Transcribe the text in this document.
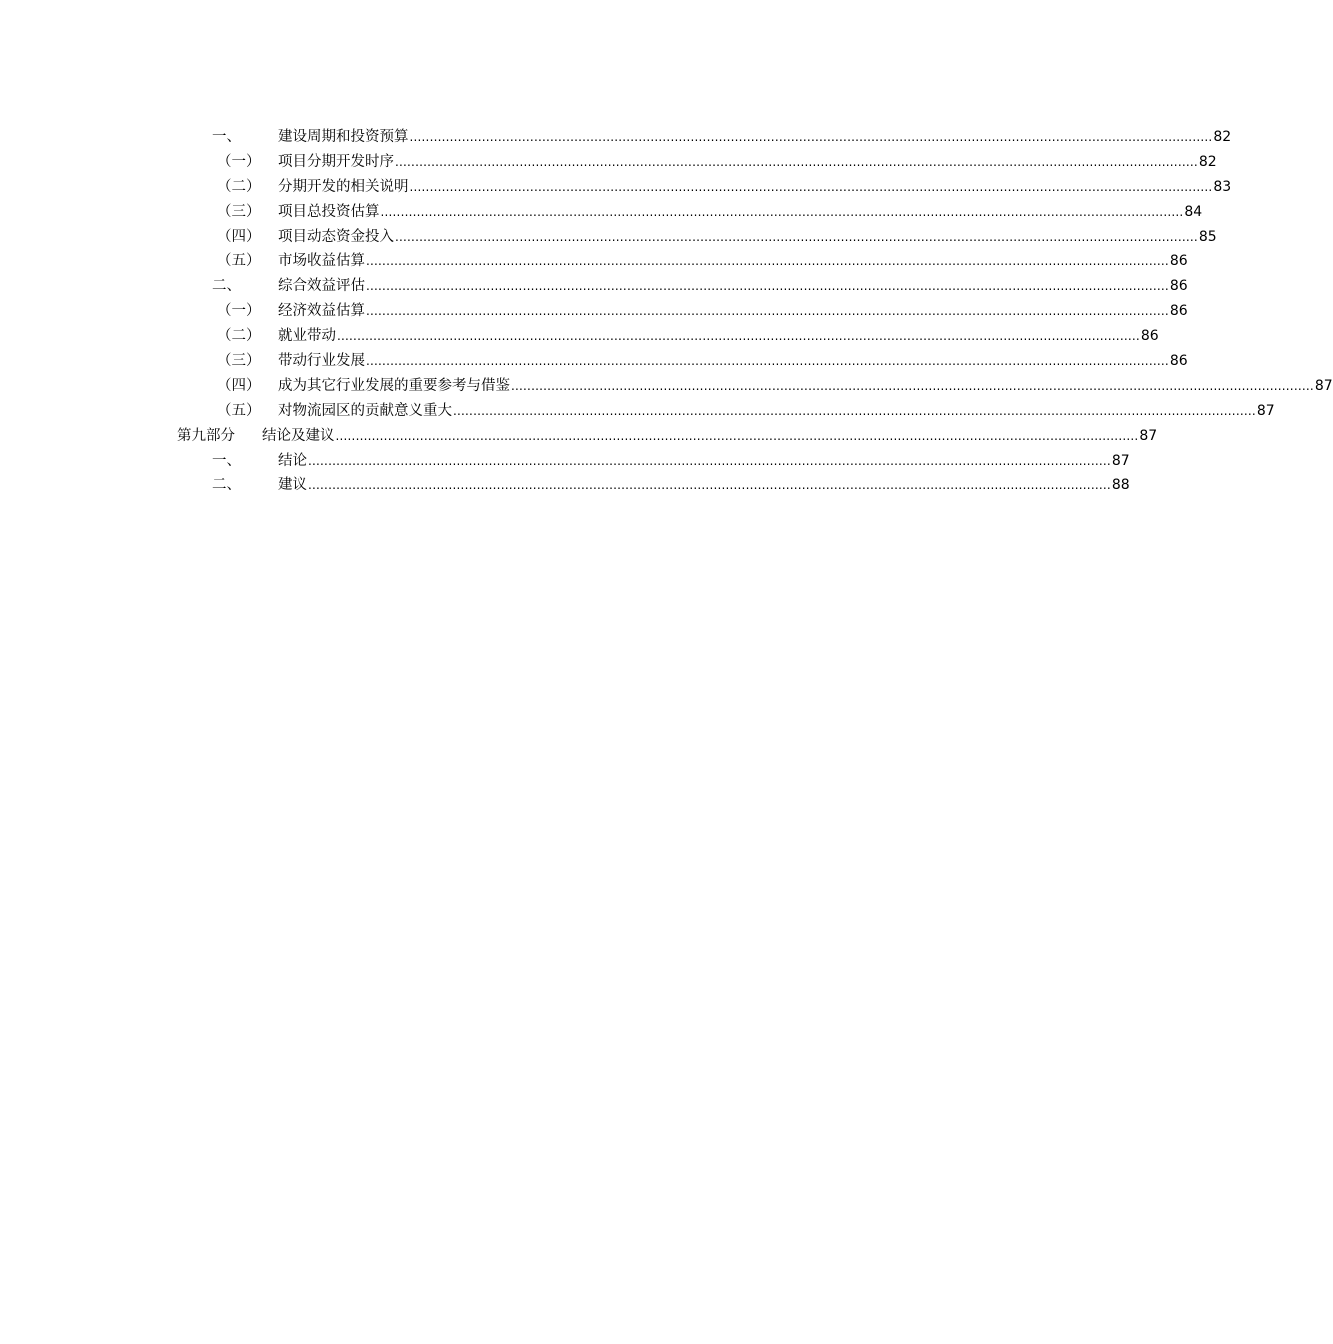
一、	建设周期和投资预算 ........................................................................................................................................................................................................ 82
（一） 项目分期开发时序 ........................................................................................................................................................................................................ 82
（二） 分期开发的相关说明 ........................................................................................................................................................................................................ 83
（三） 项目总投资估算 ........................................................................................................................................................................................................ 84
（四） 项目动态资金投入 ........................................................................................................................................................................................................ 85
（五） 市场收益估算 ........................................................................................................................................................................................................ 86
二、	综合效益评估 ........................................................................................................................................................................................................ 86
（一） 经济效益估算 ........................................................................................................................................................................................................ 86
（二） 就业带动 ........................................................................................................................................................................................................ 86
（三） 带动行业发展 ........................................................................................................................................................................................................ 86
（四） 成为其它行业发展的重要参考与借鉴 ........................................................................................................................................................................................................ 87
（五） 对物流园区的贡献意义重大 ........................................................................................................................................................................................................ 87
第九部分 结论及建议 ........................................................................................................................................................................................................ 87
一、	结论 ........................................................................................................................................................................................................ 87
二、	建议 ........................................................................................................................................................................................................ 88
